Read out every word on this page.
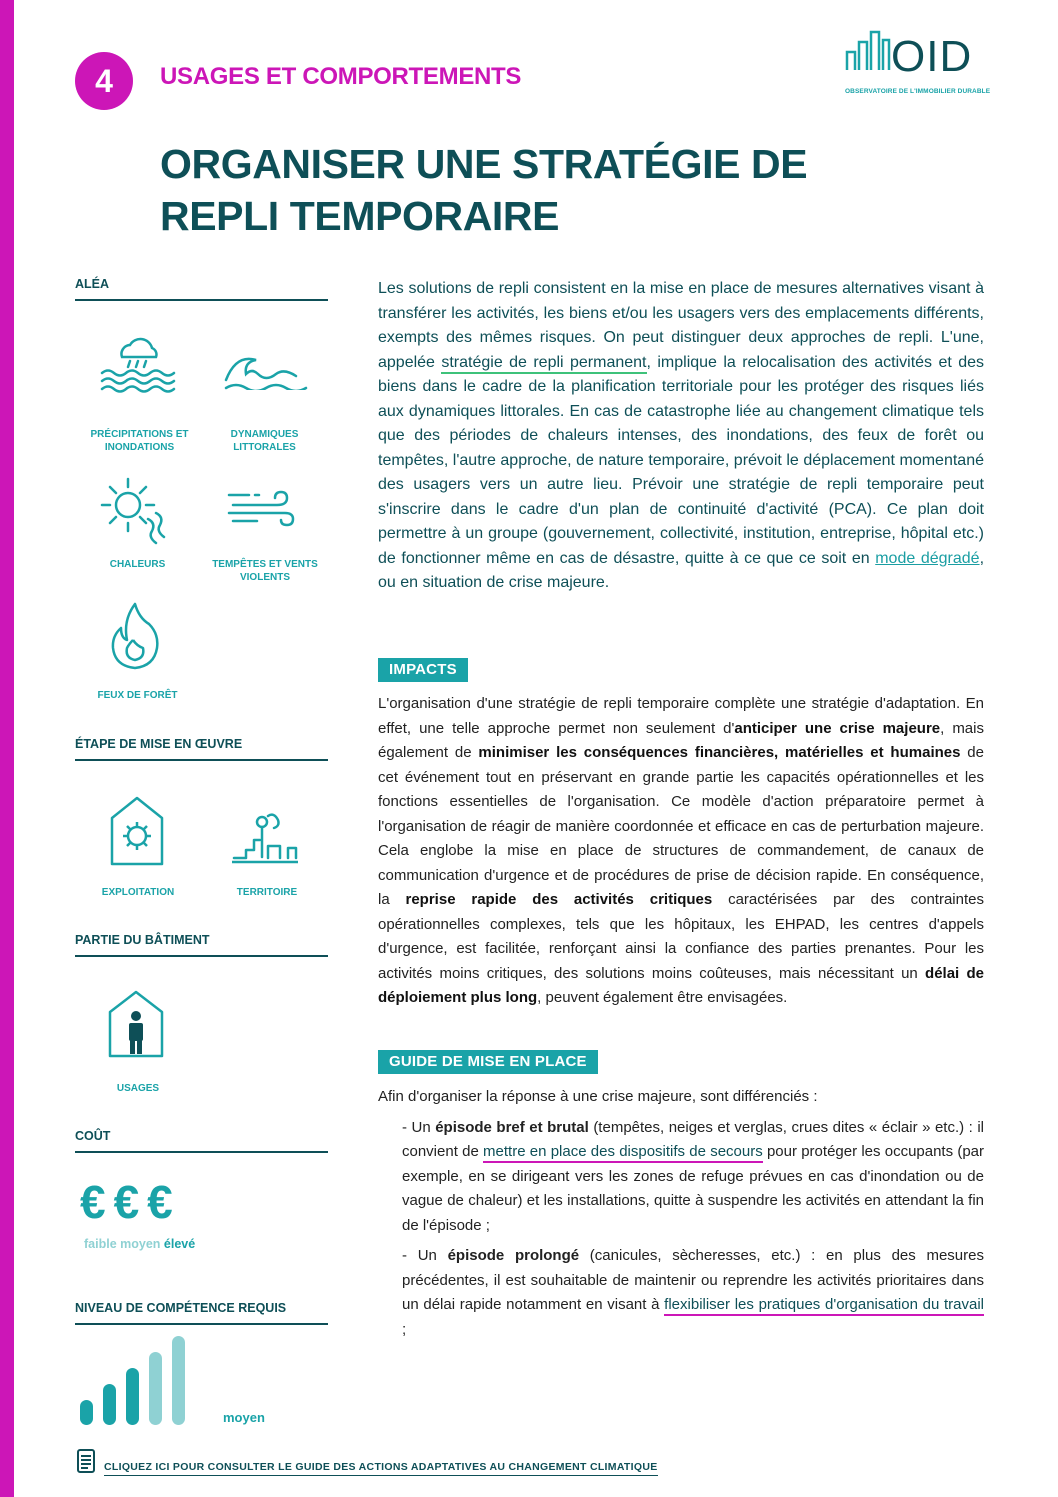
4	USAGES ET COMPORTEMENTS	OID
OBSERVATOIRE DE L'IMMOBILIER DURABLE
ORGANISER UNE STRATÉGIE DE
REPLI TEMPORAIRE
ALÉA
PRÉCIPITATIONS ET INONDATIONS
DYNAMIQUES LITTORALES
CHALEURS	TEMPÊTES ET VENTS VIOLENTS
FEUX DE FORÊT
ÉTAPE DE MISE EN ŒUVRE
EXPLOITATION	TERRITOIRE
PARTIE DU BÂTIMENT
USAGES
COÛT
€€€
faible moyen élevé
NIVEAU DE COMPÉTENCE REQUIS
moyen
Les solutions de repli consistent en la mise en place de mesures alternatives visant à transférer les activités, les biens et/ou les usagers vers des emplacements différents, exempts des mêmes risques. On peut distinguer deux approches de repli. L'une, appelée stratégie de repli permanent, implique la relocalisation des activités et des biens dans le cadre de la planification territoriale pour les protéger des risques liés aux dynamiques littorales. En cas de catastrophe liée au changement climatique tels que des périodes de chaleurs intenses, des inondations, des feux de forêt ou tempêtes, l'autre approche, de nature temporaire, prévoit le déplacement momentané des usagers vers un autre lieu. Prévoir une stratégie de repli temporaire peut s'inscrire dans le cadre d'un plan de continuité d'activité (PCA). Ce plan doit permettre à un groupe (gouvernement, collectivité, institution, entreprise, hôpital etc.) de fonctionner même en cas de désastre, quitte à ce que ce soit en mode dégradé, ou en situation de crise majeure.
IMPACTS
L'organisation d'une stratégie de repli temporaire complète une stratégie d'adaptation. En effet, une telle approche permet non seulement d'anticiper une crise majeure, mais également de minimiser les conséquences financières, matérielles et humaines de cet événement tout en préservant en grande partie les capacités opérationnelles et les fonctions essentielles de l'organisation. Ce modèle d'action préparatoire permet à l'organisation de réagir de manière coordonnée et efficace en cas de perturbation majeure. Cela englobe la mise en place de structures de commandement, de canaux de communication d'urgence et de procédures de prise de décision rapide. En conséquence, la reprise rapide des activités critiques caractérisées par des contraintes opérationnelles complexes, tels que les hôpitaux, les EHPAD, les centres d'appels d'urgence, est facilitée, renforçant ainsi la confiance des parties prenantes. Pour les activités moins critiques, des solutions moins coûteuses, mais nécessitant un délai de déploiement plus long, peuvent également être envisagées.
GUIDE DE MISE EN PLACE
Afin d'organiser la réponse à une crise majeure, sont différenciés :
- Un épisode bref et brutal (tempêtes, neiges et verglas, crues dites « éclair » etc.) : il convient de mettre en place des dispositifs de secours pour protéger les occupants (par exemple, en se dirigeant vers les zones de refuge prévues en cas d'inondation ou de vague de chaleur) et les installations, quitte à suspendre les activités en attendant la fin de l'épisode ;
- Un épisode prolongé (canicules, sècheresses, etc.) : en plus des mesures précédentes, il est souhaitable de maintenir ou reprendre les activités prioritaires dans un délai rapide notamment en visant à flexibiliser les pratiques d'organisation du travail ;
CLIQUEZ ICI POUR CONSULTER LE GUIDE DES ACTIONS ADAPTATIVES AU CHANGEMENT CLIMATIQUE
